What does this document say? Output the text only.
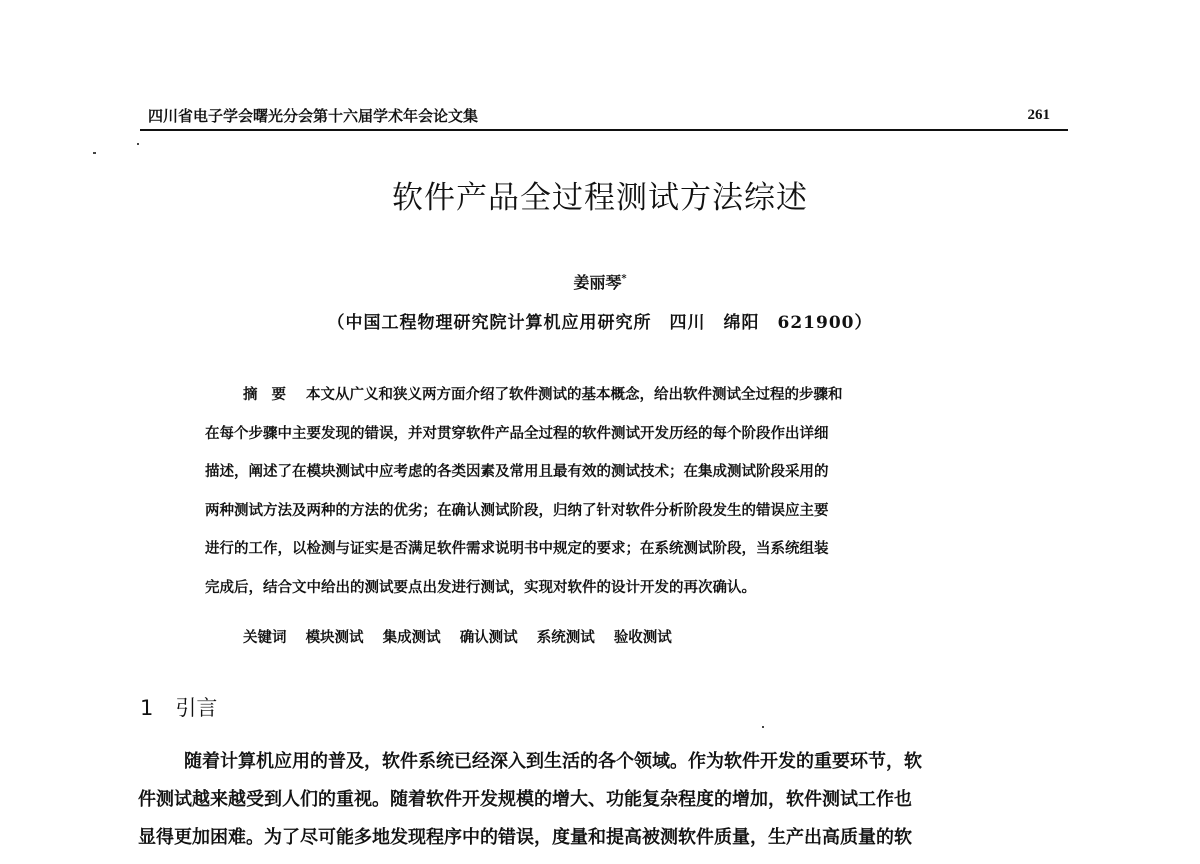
四川省电子学会曙光分会第十六届学术年会论文集	261
软件产品全过程测试方法综述
姜丽琴*
（中国工程物理研究院计算机应用研究所　四川　绵阳　621900）
摘要 本文从广义和狭义两方面介绍了软件测试的基本概念，给出软件测试全过程的步骤和
在每个步骤中主要发现的错误，并对贯穿软件产品全过程的软件测试开发历经的每个阶段作出详细
描述，阐述了在模块测试中应考虑的各类因素及常用且最有效的测试技术；在集成测试阶段采用的
两种测试方法及两种的方法的优劣；在确认测试阶段，归纳了针对软件分析阶段发生的错误应主要
进行的工作，以检测与证实是否满足软件需求说明书中规定的要求；在系统测试阶段，当系统组装
完成后，结合文中给出的测试要点出发进行测试，实现对软件的设计开发的再次确认。
关键词 模块测试 集成测试 确认测试 系统测试 验收测试
1 引言
随着计算机应用的普及，软件系统已经深入到生活的各个领域。作为软件开发的重要环节，软
件测试越来越受到人们的重视。随着软件开发规模的增大、功能复杂程度的增加，软件测试工作也
显得更加困难。为了尽可能多地发现程序中的错误，度量和提高被测软件质量，生产出高质量的软
